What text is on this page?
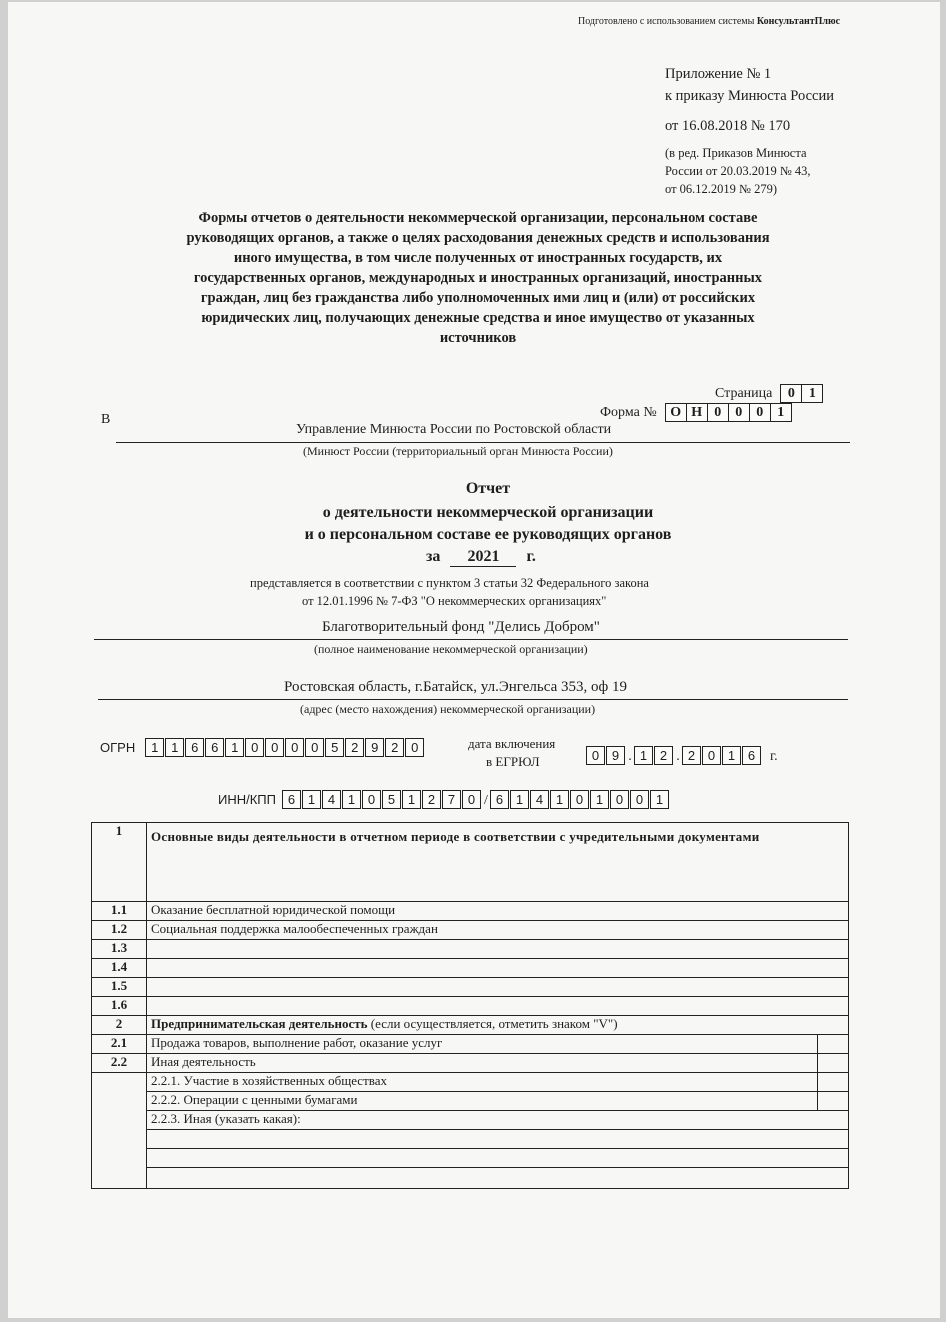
Подготовлено с использованием системы КонсультантПлюс
Приложение № 1
к приказу Минюста России
от 16.08.2018 № 170
(в ред. Приказов Минюста
России от 20.03.2019 № 43,
от 06.12.2019 № 279)
Формы отчетов о деятельности некоммерческой организации, персональном составе
руководящих органов, а также о целях расходования денежных средств и использования
иного имущества, в том числе полученных от иностранных государств, их
государственных органов, международных и иностранных организаций, иностранных
граждан, лиц без гражданства либо уполномоченных ими лиц и (или) от российских
юридических лиц, получающих денежные средства и иное имущество от указанных
источников
Страница 0 1
Форма № О Н 0 0 0 1
В
Управление Минюста России по Ростовской области
(Минюст России (территориальный орган Минюста России)
Отчет
о деятельности некоммерческой организации
и о персональном составе ее руководящих органов
за 2021 г.
представляется в соответствии с пунктом 3 статьи 32 Федерального закона
от 12.01.1996 № 7-ФЗ "О некоммерческих организациях"
Благотворительный фонд "Делись Добром"
(полное наименование некоммерческой организации)
Ростовская область, г.Батайск, ул.Энгельса 353, оф 19
(адрес (место нахождения) некоммерческой организации)
ОГРН 1 1 6 6 1 0 0 0 0 5 2 9 2 0	дата включения
в ЕГРЮЛ	0 9 . 1 2 . 2 0 1 6 г.
ИНН/КПП 6 1 4 1 0 5 1 2 7 0 / 6 1 4 1 0 1 0 0 1
1	Основные виды деятельности в отчетном периоде в соответствии с учредительными документами	
1.1	Оказание бесплатной юридической помощи	
1.2	Социальная поддержка малообеспеченных граждан	
1.3		
1.4		
1.5		
1.6		
2	Предпринимательская деятельность (если осуществляется, отметить знаком "V")	
2.1	Продажа товаров, выполнение работ, оказание услуг	
2.2	Иная деятельность	
	2.2.1. Участие в хозяйственных обществах	
	2.2.2. Операции с ценными бумагами	
	2.2.3. Иная (указать какая):	
